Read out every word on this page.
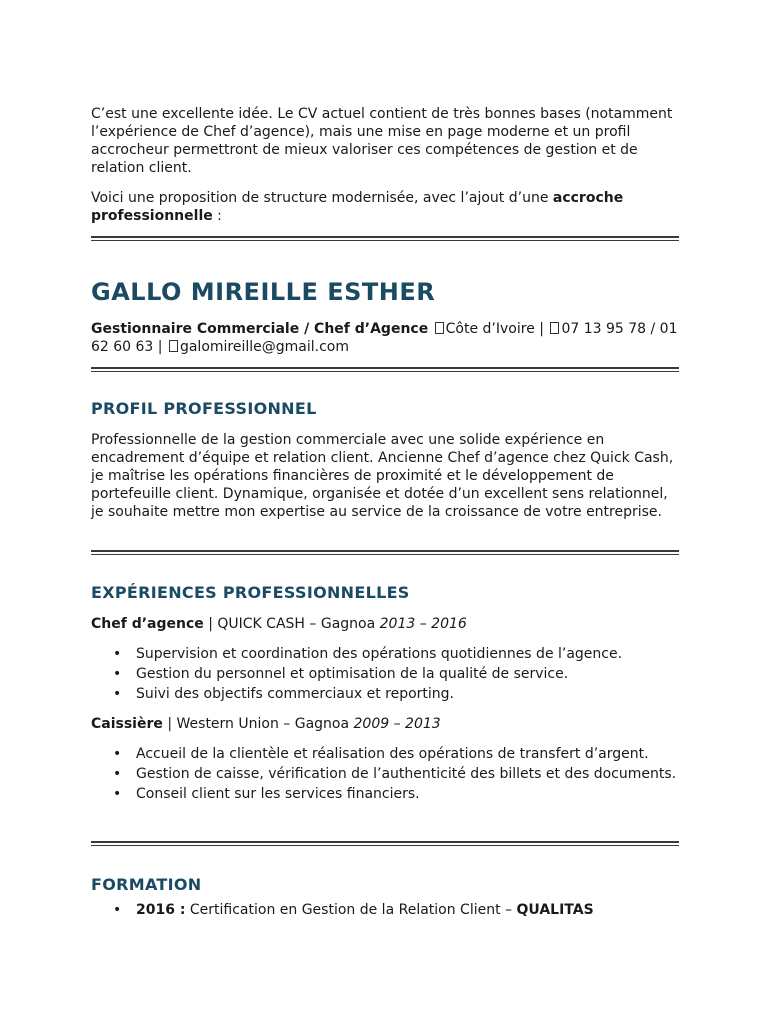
C’est une excellente idée. Le CV actuel contient de très bonnes bases (notamment l’expérience de Chef d’agence), mais une mise en page moderne et un profil accrocheur permettront de mieux valoriser ces compétences de gestion et de relation client.

Voici une proposition de structure modernisée, avec l’ajout d’une accroche professionnelle :

GALLO MIREILLE ESTHER

Gestionnaire Commerciale / Chef d’Agence Côte d’Ivoire | 07 13 95 78 / 01 62 60 63 | galomireille@gmail.com

PROFIL PROFESSIONNEL

Professionnelle de la gestion commerciale avec une solide expérience en encadrement d’équipe et relation client. Ancienne Chef d’agence chez Quick Cash, je maîtrise les opérations financières de proximité et le développement de portefeuille client. Dynamique, organisée et dotée d’un excellent sens relationnel, je souhaite mettre mon expertise au service de la croissance de votre entreprise.

EXPÉRIENCES PROFESSIONNELLES

Chef d’agence | QUICK CASH – Gagnoa 2013 – 2016

• Supervision et coordination des opérations quotidiennes de l’agence.
• Gestion du personnel et optimisation de la qualité de service.
• Suivi des objectifs commerciaux et reporting.

Caissière | Western Union – Gagnoa 2009 – 2013

• Accueil de la clientèle et réalisation des opérations de transfert d’argent.
• Gestion de caisse, vérification de l’authenticité des billets et des documents.
• Conseil client sur les services financiers.
FORMATION
• 2016 : Certification en Gestion de la Relation Client – QUALITAS
